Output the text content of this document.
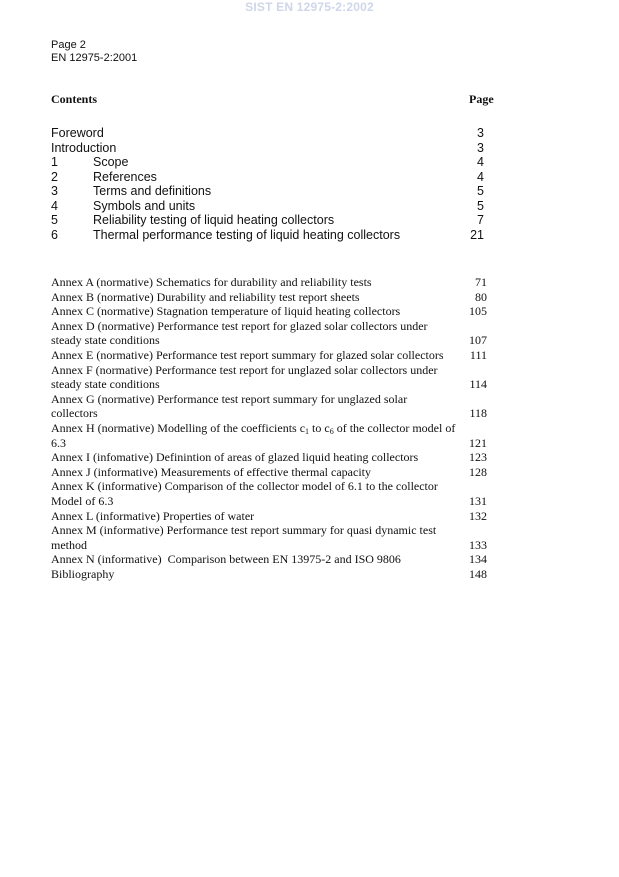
SIST EN 12975-2:2002
Page 2
EN 12975-2:2001
Contents	Page
Foreword	3
Introduction	3
1	Scope	4
2	References	4
3	Terms and definitions	5
4	Symbols and units	5
5	Reliability testing of liquid heating collectors	7
6	Thermal performance testing of liquid heating collectors	21
Annex A (normative) Schematics for durability and reliability tests	71
Annex B (normative) Durability and reliability test report sheets	80
Annex C (normative) Stagnation temperature of liquid heating collectors	105
Annex D (normative) Performance test report for glazed solar collectors under steady state conditions	107
Annex E (normative) Performance test report summary for glazed solar collectors	111
Annex F (normative) Performance test report for unglazed solar collectors under steady state conditions	114
Annex G (normative) Performance test report summary for unglazed solar collectors	118
Annex H (normative) Modelling of the coefficients $c_1$ to $c_6$ of the collector model of 6.3	121
Annex I (infomative) Definintion of areas of glazed liquid heating collectors	123
Annex J (informative) Measurements of effective thermal capacity	128
Annex K (informative) Comparison of the collector model of 6.1 to the collector Model of 6.3	131
Annex L (informative) Properties of water	132
Annex M (informative) Performance test report summary for quasi dynamic test method	133
Annex N (informative)  Comparison between EN 13975-2 and ISO 9806	134
Bibliography	148
